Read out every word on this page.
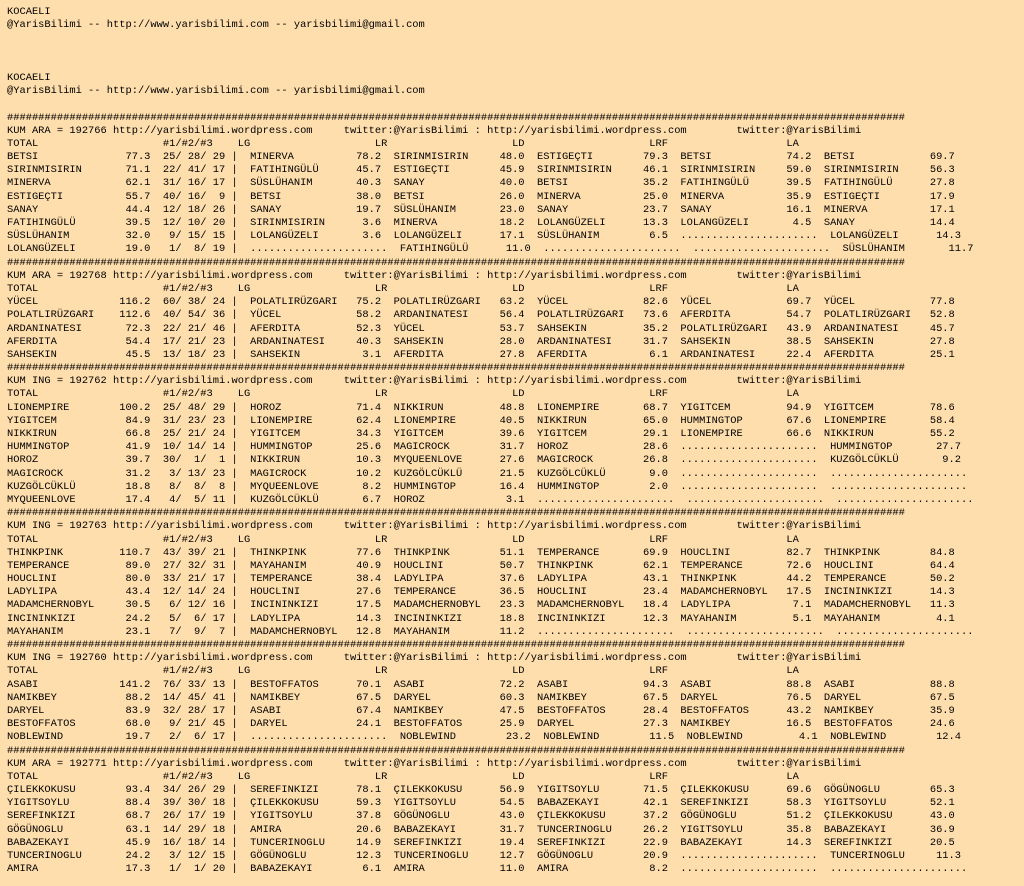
KOCAELI
@YarisBilimi -- http://www.yarisbilimi.com -- yarisbilimi@gmail.com
KOCAELI
@YarisBilimi -- http://www.yarisbilimi.com -- yarisbilimi@gmail.com
################################################################################################################################################
KUM ARA = 192766 http://yarisbilimi.wordpress.com     twitter:@YarisBilimi : http://yarisbilimi.wordpress.com        twitter:@YarisBilimi
TOTAL                    #1/#2/#3    LG                    LR                    LD                    LRF                   LA
BETSI              77.3  25/ 28/ 29 |  MINERVA          78.2  SIRINMISIRIN     48.0  ESTIGEÇTI        79.3  BETSI            74.2  BETSI            69.7
SIRINMISIRIN       71.1  22/ 41/ 17 |  FATIHINGÜLÜ      45.7  ESTIGEÇTI        45.9  SIRINMISIRIN     46.1  SIRINMISIRIN     59.0  SIRINMISIRIN     56.3
MINERVA            62.1  31/ 16/ 17 |  SÜSLÜHANIM       40.3  SANAY            40.0  BETSI            35.2  FATIHINGÜLÜ      39.5  FATIHINGÜLÜ      27.8
ESTIGEÇTI          55.7  40/ 16/  9 |  BETSI            38.0  BETSI            26.0  MINERVA          25.0  MINERVA          35.9  ESTIGEÇTI        17.9
SANAY              44.4  12/ 18/ 26 |  SANAY            19.7  SÜSLÜHANIM       23.0  SANAY            23.7  SANAY            16.1  MINERVA          17.1
FATIHINGÜLÜ        39.5  12/ 10/ 20 |  SIRINMISIRIN      3.6  MINERVA          18.2  LOLANGÜZELI      13.3  LOLANGÜZELI       4.5  SANAY            14.4
SÜSLÜHANIM         32.0   9/ 15/ 15 |  LOLANGÜZELI       3.6  LOLANGÜZELI      17.1  SÜSLÜHANIM        6.5  ......................  LOLANGÜZELI      14.3
LOLANGÜZELI        19.0   1/  8/ 19 |  ......................  FATIHINGÜLÜ      11.0  ......................  ......................  SÜSLÜHANIM       11.7
################################################################################################################################################
KUM ARA = 192768 http://yarisbilimi.wordpress.com     twitter:@YarisBilimi : http://yarisbilimi.wordpress.com        twitter:@YarisBilimi
TOTAL                    #1/#2/#3    LG                    LR                    LD                    LRF                   LA
YÜCEL             116.2  60/ 38/ 24 |  POLATLIRÜZGARI   75.2  POLATLIRÜZGARI   63.2  YÜCEL            82.6  YÜCEL            69.7  YÜCEL            77.8
POLATLIRÜZGARI    112.6  40/ 54/ 36 |  YÜCEL            58.2  ARDANINATESI     56.4  POLATLIRÜZGARI   73.6  AFERDITA         54.7  POLATLIRÜZGARI   52.8
ARDANINATESI       72.3  22/ 21/ 46 |  AFERDITA         52.3  YÜCEL            53.7  SAHSEKIN         35.2  POLATLIRÜZGARI   43.9  ARDANINATESI     45.7
AFERDITA           54.4  17/ 21/ 23 |  ARDANINATESI     40.3  SAHSEKIN         28.0  ARDANINATESI     31.7  SAHSEKIN         38.5  SAHSEKIN         27.8
SAHSEKIN           45.5  13/ 18/ 23 |  SAHSEKIN          3.1  AFERDITA         27.8  AFERDITA          6.1  ARDANINATESI     22.4  AFERDITA         25.1
################################################################################################################################################
KUM ING = 192762 http://yarisbilimi.wordpress.com     twitter:@YarisBilimi : http://yarisbilimi.wordpress.com        twitter:@YarisBilimi
TOTAL                    #1/#2/#3    LG                    LR                    LD                    LRF                   LA
LIONEMPIRE        100.2  25/ 48/ 29 |  HOROZ            71.4  NIKKIRUN         48.8  LIONEMPIRE       68.7  YIGITCEM         94.9  YIGITCEM         78.6
YIGITCEM           84.9  31/ 23/ 23 |  LIONEMPIRE       62.4  LIONEMPIRE       40.5  NIKKIRUN         65.0  HUMMINGTOP       67.6  LIONEMPIRE       58.4
NIKKIRUN           66.8  25/ 21/ 24 |  YIGITCEM         34.3  YIGITCEM         39.6  YIGITCEM         29.1  LIONEMPIRE       66.6  NIKKIRUN         55.2
HUMMINGTOP         41.9  10/ 14/ 14 |  HUMMINGTOP       25.6  MAGICROCK        31.7  HOROZ            28.6  ......................  HUMMINGTOP       27.7
HOROZ              39.7  30/  1/  1 |  NIKKIRUN         10.3  MYQUEENLOVE      27.6  MAGICROCK        26.8  ......................  KUZGÖLCÜKLÜ       9.2
MAGICROCK          31.2   3/ 13/ 23 |  MAGICROCK        10.2  KUZGÖLCÜKLÜ      21.5  KUZGÖLCÜKLÜ       9.0  ......................  ......................
KUZGÖLCÜKLÜ        18.8   8/  8/  8 |  MYQUEENLOVE       8.2  HUMMINGTOP       16.4  HUMMINGTOP        2.0  ......................  ......................
MYQUEENLOVE        17.4   4/  5/ 11 |  KUZGÖLCÜKLÜ       6.7  HOROZ             3.1  ......................  ......................  ......................
################################################################################################################################################
KUM ING = 192763 http://yarisbilimi.wordpress.com     twitter:@YarisBilimi : http://yarisbilimi.wordpress.com        twitter:@YarisBilimi
TOTAL                    #1/#2/#3    LG                    LR                    LD                    LRF                   LA
THINKPINK         110.7  43/ 39/ 21 |  THINKPINK        77.6  THINKPINK        51.1  TEMPERANCE       69.9  HOUCLINI         82.7  THINKPINK        84.8
TEMPERANCE         89.0  27/ 32/ 31 |  MAYAHANIM        40.9  HOUCLINI         50.7  THINKPINK        62.1  TEMPERANCE       72.6  HOUCLINI         64.4
HOUCLINI           80.0  33/ 21/ 17 |  TEMPERANCE       38.4  LADYLIPA         37.6  LADYLIPA         43.1  THINKPINK        44.2  TEMPERANCE       50.2
LADYLIPA           43.4  12/ 14/ 24 |  HOUCLINI         27.6  TEMPERANCE       36.5  HOUCLINI         23.4  MADAMCHERNOBYL   17.5  INCININKIZI      14.3
MADAMCHERNOBYL     30.5   6/ 12/ 16 |  INCININKIZI      17.5  MADAMCHERNOBYL   23.3  MADAMCHERNOBYL   18.4  LADYLIPA          7.1  MADAMCHERNOBYL   11.3
INCININKIZI        24.2   5/  6/ 17 |  LADYLIPA         14.3  INCININKIZI      18.8  INCININKIZI      12.3  MAYAHANIM         5.1  MAYAHANIM         4.1
MAYAHANIM          23.1   7/  9/  7 |  MADAMCHERNOBYL   12.8  MAYAHANIM        11.2  ......................  ......................  ......................
################################################################################################################################################
KUM ING = 192760 http://yarisbilimi.wordpress.com     twitter:@YarisBilimi : http://yarisbilimi.wordpress.com        twitter:@YarisBilimi
TOTAL                    #1/#2/#3    LG                    LR                    LD                    LRF                   LA
ASABI             141.2  76/ 33/ 13 |  BESTOFFATOS      70.1  ASABI            72.2  ASABI            94.3  ASABI            88.8  ASABI            88.8
NAMIKBEY           88.2  14/ 45/ 41 |  NAMIKBEY         67.5  DARYEL           60.3  NAMIKBEY         67.5  DARYEL           76.5  DARYEL           67.5
DARYEL             83.9  32/ 28/ 17 |  ASABI            67.4  NAMIKBEY         47.5  BESTOFFATOS      28.4  BESTOFFATOS      43.2  NAMIKBEY         35.9
BESTOFFATOS        68.0   9/ 21/ 45 |  DARYEL           24.1  BESTOFFATOS      25.9  DARYEL           27.3  NAMIKBEY         16.5  BESTOFFATOS      24.6
NOBLEWIND          19.7   2/  6/ 17 |  ......................  NOBLEWIND        23.2  NOBLEWIND        11.5  NOBLEWIND         4.1  NOBLEWIND        12.4
################################################################################################################################################
KUM ARA = 192771 http://yarisbilimi.wordpress.com     twitter:@YarisBilimi : http://yarisbilimi.wordpress.com        twitter:@YarisBilimi
TOTAL                    #1/#2/#3    LG                    LR                    LD                    LRF                   LA
ÇILEKKOKUSU        93.4  34/ 26/ 29 |  SEREFINKIZI      78.1  ÇILEKKOKUSU      56.9  YIGITSOYLU       71.5  ÇILEKKOKUSU      69.6  GÖGÜNOGLU        65.3
YIGITSOYLU         88.4  39/ 30/ 18 |  ÇILEKKOKUSU      59.3  YIGITSOYLU       54.5  BABAZEKAYI       42.1  SEREFINKIZI      58.3  YIGITSOYLU       52.1
SEREFINKIZI        68.7  26/ 17/ 19 |  YIGITSOYLU       37.8  GÖGÜNOGLU        43.0  ÇILEKKOKUSU      37.2  GÖGÜNOGLU        51.2  ÇILEKKOKUSU      43.0
GÖGÜNOGLU          63.1  14/ 29/ 18 |  AMIRA            20.6  BABAZEKAYI       31.7  TUNCERINOGLU     26.2  YIGITSOYLU       35.8  BABAZEKAYI       36.9
BABAZEKAYI         45.9  16/ 18/ 14 |  TUNCERINOGLU     14.9  SEREFINKIZI      19.4  SEREFINKIZI      22.9  BABAZEKAYI       14.3  SEREFINKIZI      20.5
TUNCERINOGLU       24.2   3/ 12/ 15 |  GÖGÜNOGLU        12.3  TUNCERINOGLU     12.7  GÖGÜNOGLU        20.9  ......................  TUNCERINOGLU     11.3
AMIRA              17.3   1/  1/ 20 |  BABAZEKAYI        6.1  AMIRA            11.0  AMIRA             8.2  ......................  ......................
